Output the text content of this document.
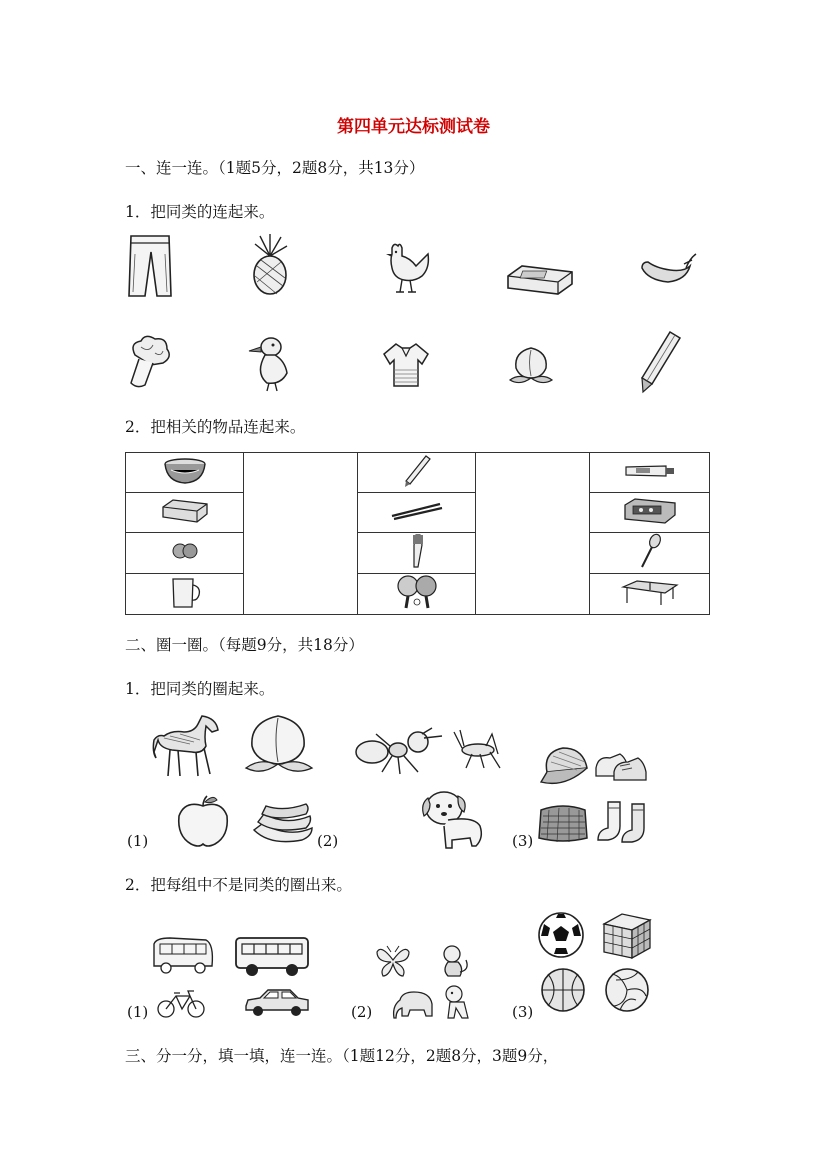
第四单元达标测试卷
一、连一连。（1题5分，2题8分，共13分）
1．把同类的连起来。
2．把相关的物品连起来。

二、圈一圈。（每题9分，共18分）
1．把同类的圈起来。
(1)	(2)	(3)
2．把每组中不是同类的圈出来。
(1)	(2)	(3)
三、分一分，填一填，连一连。（1题12分，2题8分，3题9分，
